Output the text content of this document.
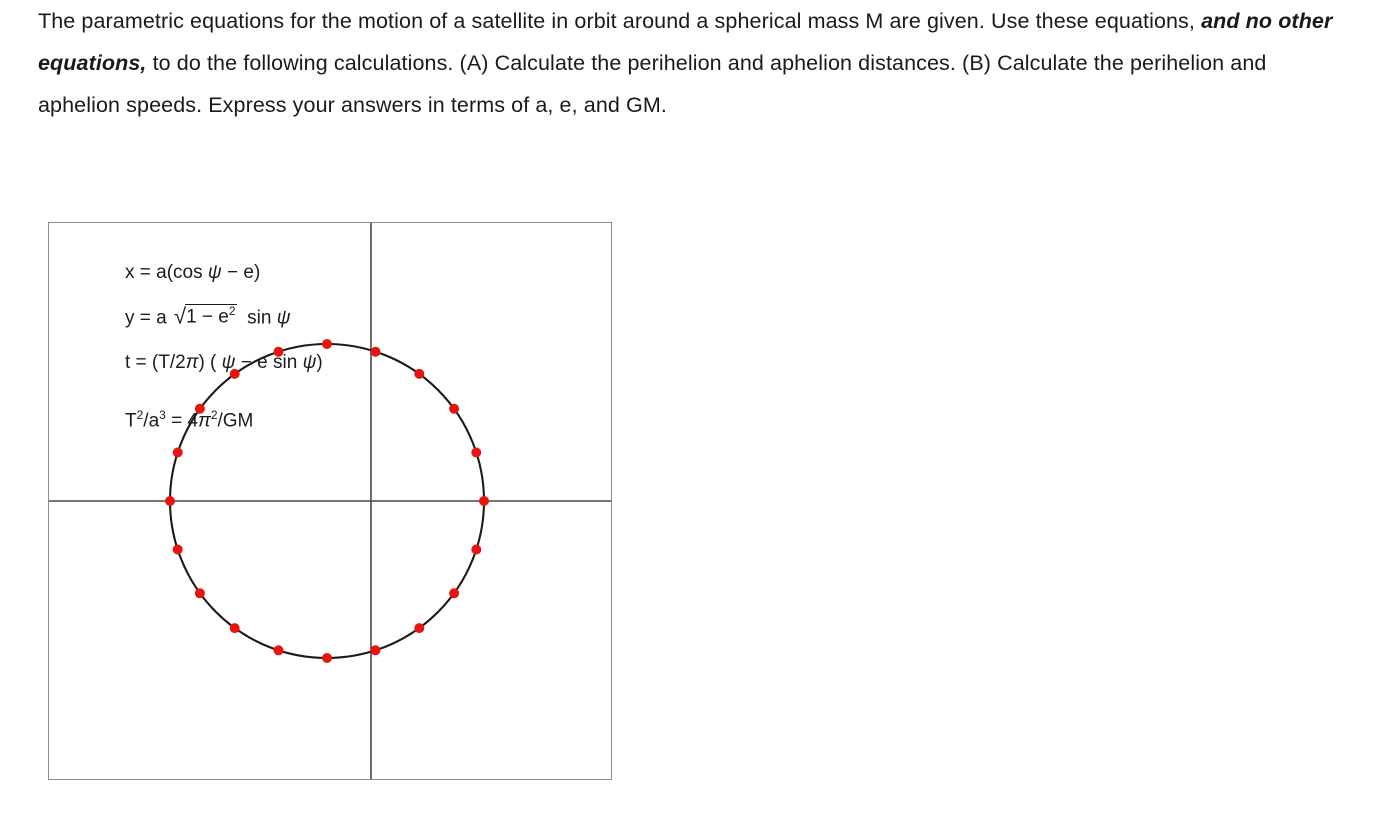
The parametric equations for the motion of a satellite in orbit around a spherical mass M are given. Use these equations, and no other equations, to do the following calculations. (A) Calculate the perihelion and aphelion distances. (B) Calculate the perihelion and aphelion speeds. Express your answers in terms of a, e, and GM.
x = a(cos ψ − e)
y = a $√1 - e^2$  sin ψ
t = (T/2π) ( ψ − e sin ψ)
$T^2/a^3 = 4\pi^2/GM$
